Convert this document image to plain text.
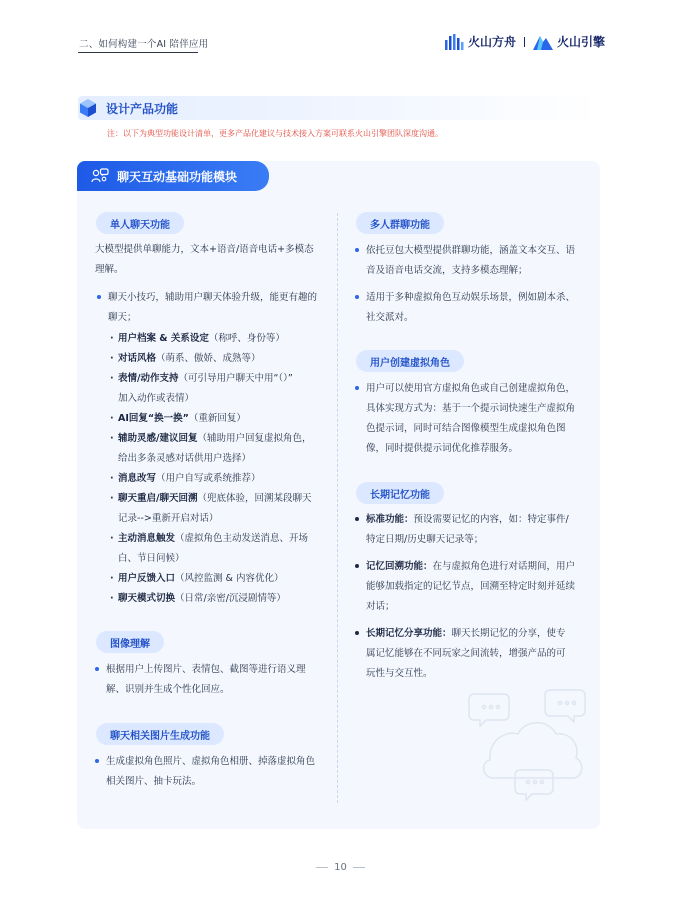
二、如何构建一个AI 陪伴应用	火山方舟	火山引擎
设计产品功能
注：以下为典型功能设计清单，更多产品化建议与技术接入方案可联系火山引擎团队深度沟通。
聊天互动基础功能模块
单人聊天功能
大模型提供单聊能力，文本+语音/语音电话+多模态
理解。
聊天小技巧，辅助用户聊天体验升级，能更有趣的
聊天；
· 用户档案 & 关系设定（称呼、身份等）
· 对话风格（萌系、傲娇、成熟等）
· 表情/动作支持（可引导用户聊天中用“（）”
加入动作或表情）
· AI回复“换一换”（重新回复）
· 辅助灵感/建议回复（辅助用户回复虚拟角色，
给出多条灵感对话供用户选择）
· 消息改写（用户自写或系统推荐）
· 聊天重启/聊天回溯（兜底体验，回溯某段聊天
记录-->重新开启对话）
· 主动消息触发（虚拟角色主动发送消息、开场
白、节日问候）
· 用户反馈入口（风控监测 & 内容优化）
· 聊天模式切换（日常/亲密/沉浸剧情等）
图像理解
根据用户上传图片、表情包、截图等进行语义理
解、识别并生成个性化回应。
聊天相关图片生成功能
生成虚拟角色照片、虚拟角色相册、掉落虚拟角色
相关图片、抽卡玩法。
多人群聊功能
依托豆包大模型提供群聊功能，涵盖文本交互、语
音及语音电话交流，支持多模态理解；
适用于多种虚拟角色互动娱乐场景，例如剧本杀、
社交派对。
用户创建虚拟角色
用户可以使用官方虚拟角色或自己创建虚拟角色，
具体实现方式为：基于一个提示词快速生产虚拟角
色提示词，同时可结合图像模型生成虚拟角色图
像，同时提供提示词优化推荐服务。
长期记忆功能
标准功能：预设需要记忆的内容，如：特定事件/
特定日期/历史聊天记录等；
记忆回溯功能：在与虚拟角色进行对话期间，用户
能够加载指定的记忆节点，回溯至特定时刻并延续
对话；
长期记忆分享功能：聊天长期记忆的分享，使专
属记忆能够在不同玩家之间流转，增强产品的可
玩性与交互性。
10
